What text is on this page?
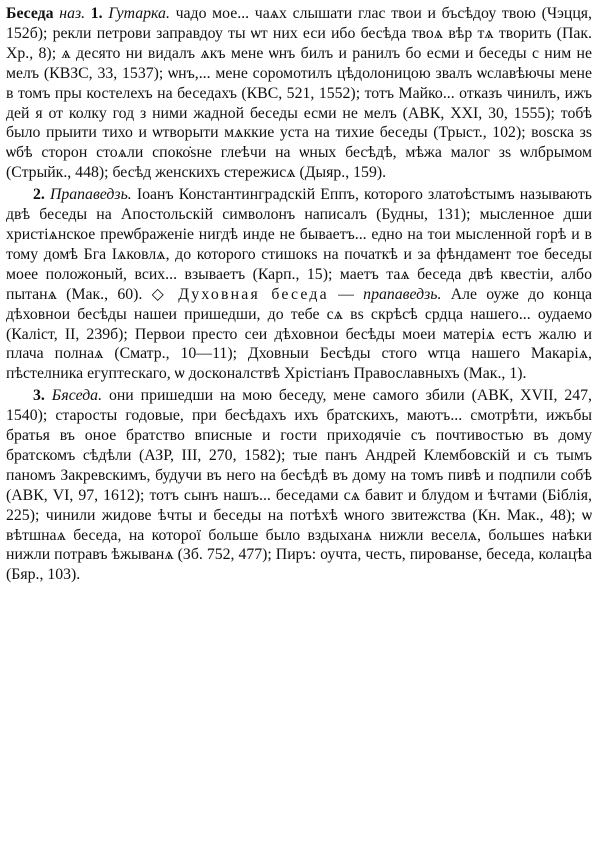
Беседа наз. 1. Гутарка. чадо мое... чаѧх слышати глас твои и бъсѣдоу твою (Чэцця, 152б); рекли петрови заправдоу ты ѡт них еси ибо бесѣда твоѧ вѣр тѧ творить (Пак. Хр., 8); ѧ десято ни видалъ ѧкъ мене ѡнъ билъ и ранилъ бо есми и беседы с ним не мелъ (КВЗС, 33, 1537); ѡнъ,... мене соромотилъ цѣдолоницою звалъ ѡславѣючы мене в томъ пры костелехъ на беседахъ (КВС, 521, 1552); тотъ Майко... отказъ чинилъ, ижъ дей я от колку год з ними жадной беседы есми не мелъ (АВК, XXI, 30, 1555); тобѣ было прыити тихо и ѡтворыти мѧккие уста на тихие беседы (Трыст., 102); воѕска зѕ ѡбѣ сторон стоѧли споко̇ѕне глеѣчи на ѡных бесѣдѣ, мѣжа малог зѕ ѡлбрымом (Стрыйк., 448); бесѣд женскихъ стережисѧ (Дыяр., 159).

2. Прапаведзь. Іоанъ Константинградскій Еппъ, которого златоѣстымъ называють двѣ беседы на Апостольскій символонъ написалъ (Будны, 131); мысленное дши христіѧнское преѡбраженіе нигдѣ инде не бываетъ... едно на тои мысленной горѣ и в тому домѣ Бга Іѧковлѧ, до которого стишокѕ на початкѣ и за фѣндамент тое беседы моее положоный, всих... взываетъ (Карп., 15); маетъ таѧ беседа двѣ квестіи, албо пытанѧ (Мак., 60). ◇ Духовная беседа — прапаведзь. Але оуже до конца дѣховнои бесѣды нашеи пришедши, до тебе сѧ вѕ скрѣсѣ срдца нашего... оудаемо (Каліст, II, 239б); Первои престо сеи дѣховнои бесѣды моеи матеріѧ естъ жалю и плача полнаѧ (Сматр., 10—11); Дховныи Бесѣды стого ѡтца нашего Макаріѧ, пѣстелника егуптескаго, ѡ досконалствѣ Хрістіанъ Православныхъ (Мак., 1).

3. Бяседа. они пришедши на мою беседу, мене самого збили (АВК, XVII, 247, 1540); старосты годовые, при бесѣдахъ ихъ братскихъ, маютъ... смотрѣти, ижъбы братья въ оное братство вписные и гости приходячіе съ почтивостью въ дому братскомъ сѣдѣли (АЗР, III, 270, 1582); тые панъ Андрей Клембовскій и съ тымъ паномъ Закревскимъ, будучи въ него на бесѣдѣ въ дому на томъ пивѣ и подпили собѣ (АВК, VI, 97, 1612); тотъ сынъ нашъ... беседами сѧ бавит и блудом и ѣчтами (Біблія, 225); чинили жидове ѣчты и беседы на потѣхѣ ѡного звитежства (Кн. Мак., 48); ѡ вѣтшнаѧ беседа, на которої больше было вздыханѧ нижли веселѧ, большеѕ наѣки нижли потравъ ѣжыванѧ (Зб. 752, 477); Пиръ: оучта, честь, пированѕе, беседа, колацѣа (Бяр., 103).
